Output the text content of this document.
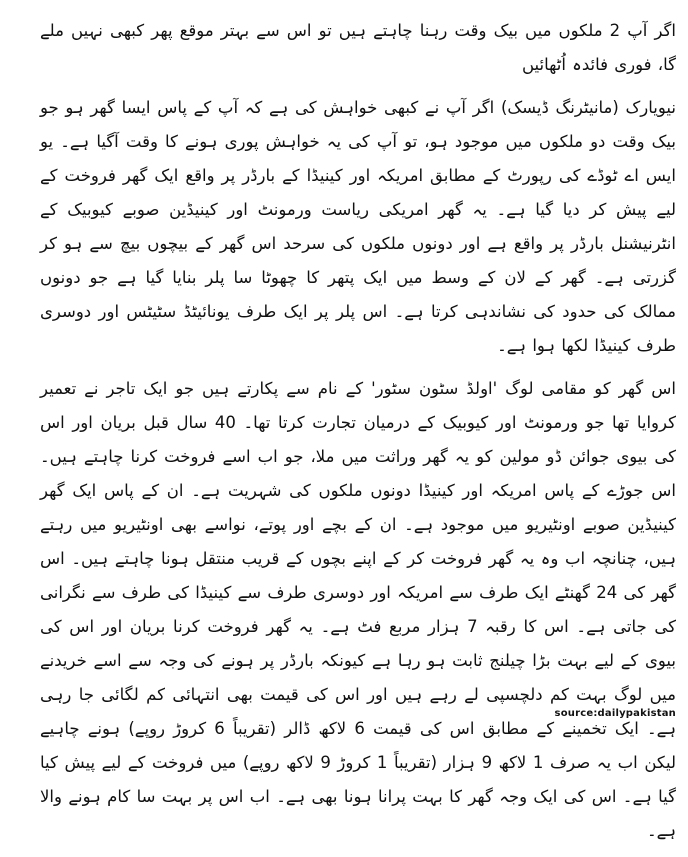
اگر آپ 2 ملکوں میں بیک وقت رہنا چاہتے ہیں تو اس سے بہتر موقع پھر کبھی نہیں ملے گا، فوری فائدہ اُٹھائیں

نیویارک (مانیٹرنگ ڈیسک) اگر آپ نے کبھی خواہش کی ہے کہ آپ کے پاس ایسا گھر ہو جو بیک وقت دو ملکوں میں موجود ہو، تو آپ کی یہ خواہش پوری ہونے کا وقت آگیا ہے۔ یو ایس اے ٹوڈے کی رپورٹ کے مطابق امریکہ اور کینیڈا کے بارڈر پر واقع ایک گھر فروخت کے لیے پیش کر دیا گیا ہے۔ یہ گھر امریکی ریاست ورمونٹ اور کینیڈین صوبے کیوبیک کے انٹرنیشنل بارڈر پر واقع ہے اور دونوں ملکوں کی سرحد اس گھر کے بیچوں بیچ سے ہو کر گزرتی ہے۔ گھر کے لان کے وسط میں ایک پتھر کا چھوٹا سا پلر بنایا گیا ہے جو دونوں ممالک کی حدود کی نشاندہی کرتا ہے۔ اس پلر پر ایک طرف یونائیٹڈ سٹیٹس اور دوسری طرف کینیڈا لکھا ہوا ہے۔

اس گھر کو مقامی لوگ 'اولڈ سٹون سٹور' کے نام سے پکارتے ہیں جو ایک تاجر نے تعمیر کروایا تھا جو ورمونٹ اور کیوبیک کے درمیان تجارت کرتا تھا۔ 40 سال قبل بریان اور اس کی بیوی جوائن ڈو مولین کو یہ گھر وراثت میں ملا، جو اب اسے فروخت کرنا چاہتے ہیں۔ اس جوڑے کے پاس امریکہ اور کینیڈا دونوں ملکوں کی شہریت ہے۔ ان کے پاس ایک گھر کینیڈین صوبے اونٹیریو میں موجود ہے۔ ان کے بچے اور پوتے، نواسے بھی اونٹیریو میں رہتے ہیں، چنانچہ اب وہ یہ گھر فروخت کر کے اپنے بچوں کے قریب منتقل ہونا چاہتے ہیں۔ اس گھر کی 24 گھنٹے ایک طرف سے امریکہ اور دوسری طرف سے کینیڈا کی طرف سے نگرانی کی جاتی ہے۔ اس کا رقبہ 7 ہزار مربع فٹ ہے۔ یہ گھر فروخت کرنا بریان اور اس کی بیوی کے لیے بہت بڑا چیلنج ثابت ہو رہا ہے کیونکہ بارڈر پر ہونے کی وجہ سے اسے خریدنے میں لوگ بہت کم دلچسپی لے رہے ہیں اور اس کی قیمت بھی انتہائی کم لگائی جا رہی ہے۔ ایک تخمینے کے مطابق اس کی قیمت 6 لاکھ ڈالر (تقریباً 6 کروڑ روپے) ہونے چاہیے لیکن اب یہ صرف 1 لاکھ 9 ہزار (تقریباً 1 کروڑ 9 لاکھ روپے) میں فروخت کے لیے پیش کیا گیا ہے۔ اس کی ایک وجہ گھر کا بہت پرانا ہونا بھی ہے۔ اب اس پر بہت سا کام ہونے والا ہے۔

source:dailypakistan
